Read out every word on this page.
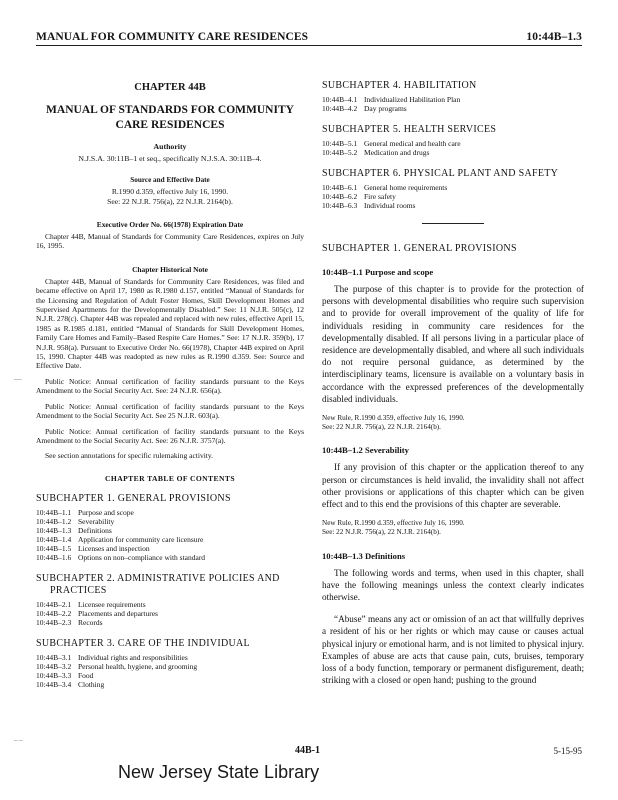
MANUAL FOR COMMUNITY CARE RESIDENCES	10:44B–1.3
CHAPTER 44B
MANUAL OF STANDARDS FOR COMMUNITY
CARE RESIDENCES
Authority
N.J.S.A. 30:11B–1 et seq., specifically N.J.S.A. 30:11B–4.
Source and Effective Date
R.1990 d.359, effective July 16, 1990.
See: 22 N.J.R. 756(a), 22 N.J.R. 2164(b).
Executive Order No. 66(1978) Expiration Date
Chapter 44B, Manual of Standards for Community Care Residences, expires on July 16, 1995.
Chapter Historical Note
Chapter 44B, Manual of Standards for Community Care Residences, was filed and became effective on April 17, 1980 as R.1980 d.157, entitled “Manual of Standards for the Licensing and Regulation of Adult Foster Homes, Skill Development Homes and Supervised Apartments for the Developmentally Disabled.” See: 11 N.J.R. 505(c), 12 N.J.R. 278(c). Chapter 44B was repealed and replaced with new rules, effective April 15, 1985 as R.1985 d.181, entitled “Manual of Standards for Skill Development Homes, Family Care Homes and Family–Based Respite Care Homes.” See: 17 N.J.R. 359(b), 17 N.J.R. 958(a). Pursuant to Executive Order No. 66(1978), Chapter 44B expired on April 15, 1990. Chapter 44B was readopted as new rules as R.1990 d.359. See: Source and Effective Date.
Public Notice: Annual certification of facility standards pursuant to the Keys Amendment to the Social Security Act. See: 24 N.J.R. 656(a).
Public Notice: Annual certification of facility standards pursuant to the Keys Amendment to the Social Security Act. See 25 N.J.R. 603(a).
Public Notice: Annual certification of facility standards pursuant to the Keys Amendment to the Social Security Act. See: 26 N.J.R. 3757(a).
See section annotations for specific rulemaking activity.
CHAPTER TABLE OF CONTENTS
SUBCHAPTER 1. GENERAL PROVISIONS
10:44B–1.1 Purpose and scope
10:44B–1.2 Severability
10:44B–1.3 Definitions
10:44B–1.4 Application for community care licensure
10:44B–1.5 Licenses and inspection
10:44B–1.6 Options on non–compliance with standard
SUBCHAPTER 2. ADMINISTRATIVE POLICIES AND
PRACTICES
10:44B–2.1 Licensee requirements
10:44B–2.2 Placements and departures
10:44B–2.3 Records
SUBCHAPTER 3. CARE OF THE INDIVIDUAL
10:44B–3.1 Individual rights and responsibilities
10:44B–3.2 Personal health, hygiene, and grooming
10:44B–3.3 Food
10:44B–3.4 Clothing
SUBCHAPTER 4. HABILITATION
10:44B–4.1 Individualized Habilitation Plan
10:44B–4.2 Day programs
SUBCHAPTER 5. HEALTH SERVICES
10:44B–5.1 General medical and health care
10:44B–5.2 Medication and drugs
SUBCHAPTER 6. PHYSICAL PLANT AND SAFETY
10:44B–6.1 General home requirements
10:44B–6.2 Fire safety
10:44B–6.3 Individual rooms
SUBCHAPTER 1. GENERAL PROVISIONS
10:44B–1.1 Purpose and scope
The purpose of this chapter is to provide for the protection of persons with developmental disabilities who require such supervision and to provide for overall improvement of the quality of life for individuals residing in community care residences for the developmentally disabled. If all persons living in a particular place of residence are developmentally disabled, and where all such individuals do not require personal guidance, as determined by the interdisciplinary teams, licensure is available on a voluntary basis in accordance with the expressed preferences of the developmentally disabled individuals.
New Rule, R.1990 d.359, effective July 16, 1990.
See: 22 N.J.R. 756(a), 22 N.J.R. 2164(b).
10:44B–1.2 Severability
If any provision of this chapter or the application thereof to any person or circumstances is held invalid, the invalidity shall not affect other provisions or applications of this chapter which can be given effect and to this end the provisions of this chapter are severable.
New Rule, R.1990 d.359, effective July 16, 1990.
See: 22 N.J.R. 756(a), 22 N.J.R. 2164(b).
10:44B–1.3 Definitions
The following words and terms, when used in this chapter, shall have the following meanings unless the context clearly indicates otherwise.
“Abuse” means any act or omission of an act that willfully deprives a resident of his or her rights or which may cause or causes actual physical injury or emotional harm, and is not limited to physical injury. Examples of abuse are acts that cause pain, cuts, bruises, temporary loss of a body function, temporary or permanent disfigurement, death; striking with a closed or open hand; pushing to the ground
––·
–·–
44B-1	5-15-95
New Jersey State Library
